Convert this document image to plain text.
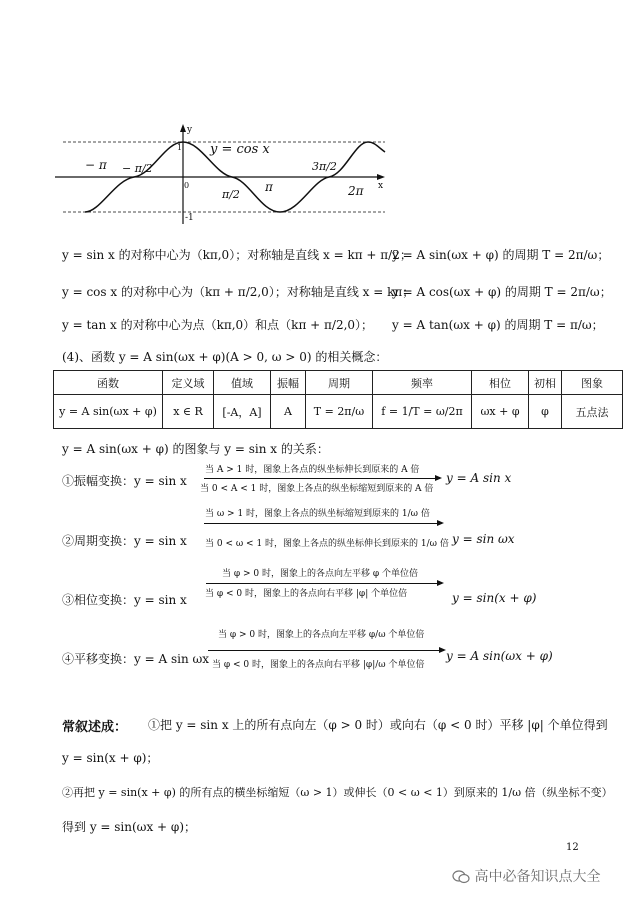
y
x
y = cos x
1
-1
0
− π − π/2
π/2
π
3π/2
2π
y = sin x 的对称中心为（kπ,0）；对称轴是直线 x = kπ + π/2；
y = A sin(ωx + φ) 的周期 T = 2π/ω；
y = cos x 的对称中心为（kπ + π/2,0）；对称轴是直线 x = kπ；
y = A cos(ωx + φ) 的周期 T = 2π/ω；
y = tan x 的对称中心为点（kπ,0）和点（kπ + π/2,0）； y = A tan(ωx + φ) 的周期 T = π/ω；
(4)、函数 y = A sin(ωx + φ)(A > 0, ω > 0) 的相关概念：
函数	定义域	值域	振幅	周期	频率	相位	初相	图象
y = A sin(ωx + φ)	x ∈ R	[-A，A]	A	T = 2π/ω	f = 1/T = ω/2π	ωx + φ	φ	五点法
y = A sin(ωx + φ) 的图象与 y = sin x 的关系：
①振幅变换：y = sin x
当 A > 1 时，图象上各点的纵坐标伸长到原来的 A 倍
当 0 < A < 1 时，图象上各点的纵坐标缩短到原来的 A 倍
y = A sin x
②周期变换：y = sin x
当 ω > 1 时，图象上各点的纵坐标缩短到原来的 1/ω 倍
当 0 < ω < 1 时，图象上各点的纵坐标伸长到原来的 1/ω 倍 y = sin ωx
③相位变换：y = sin x
当 φ > 0 时，图象上的各点向左平移 φ 个单位倍
当 φ < 0 时，图象上的各点向右平移 |φ| 个单位倍	y = sin(x + φ)
④平移变换：y = A sin ωx
当 φ > 0 时，图象上的各点向左平移 φ/ω 个单位倍
当 φ < 0 时，图象上的各点向右平移 |φ|/ω 个单位倍
y = A sin(ωx + φ)
常叙述成： ①把 y = sin x 上的所有点向左（φ > 0 时）或向右（φ < 0 时）平移 |φ| 个单位得到
y = sin(x + φ)；
②再把 y = sin(x + φ) 的所有点的横坐标缩短（ω > 1）或伸长（0 < ω < 1）到原来的 1/ω 倍（纵坐标不变）
得到 y = sin(ωx + φ)；
12
高中必备知识点大全
